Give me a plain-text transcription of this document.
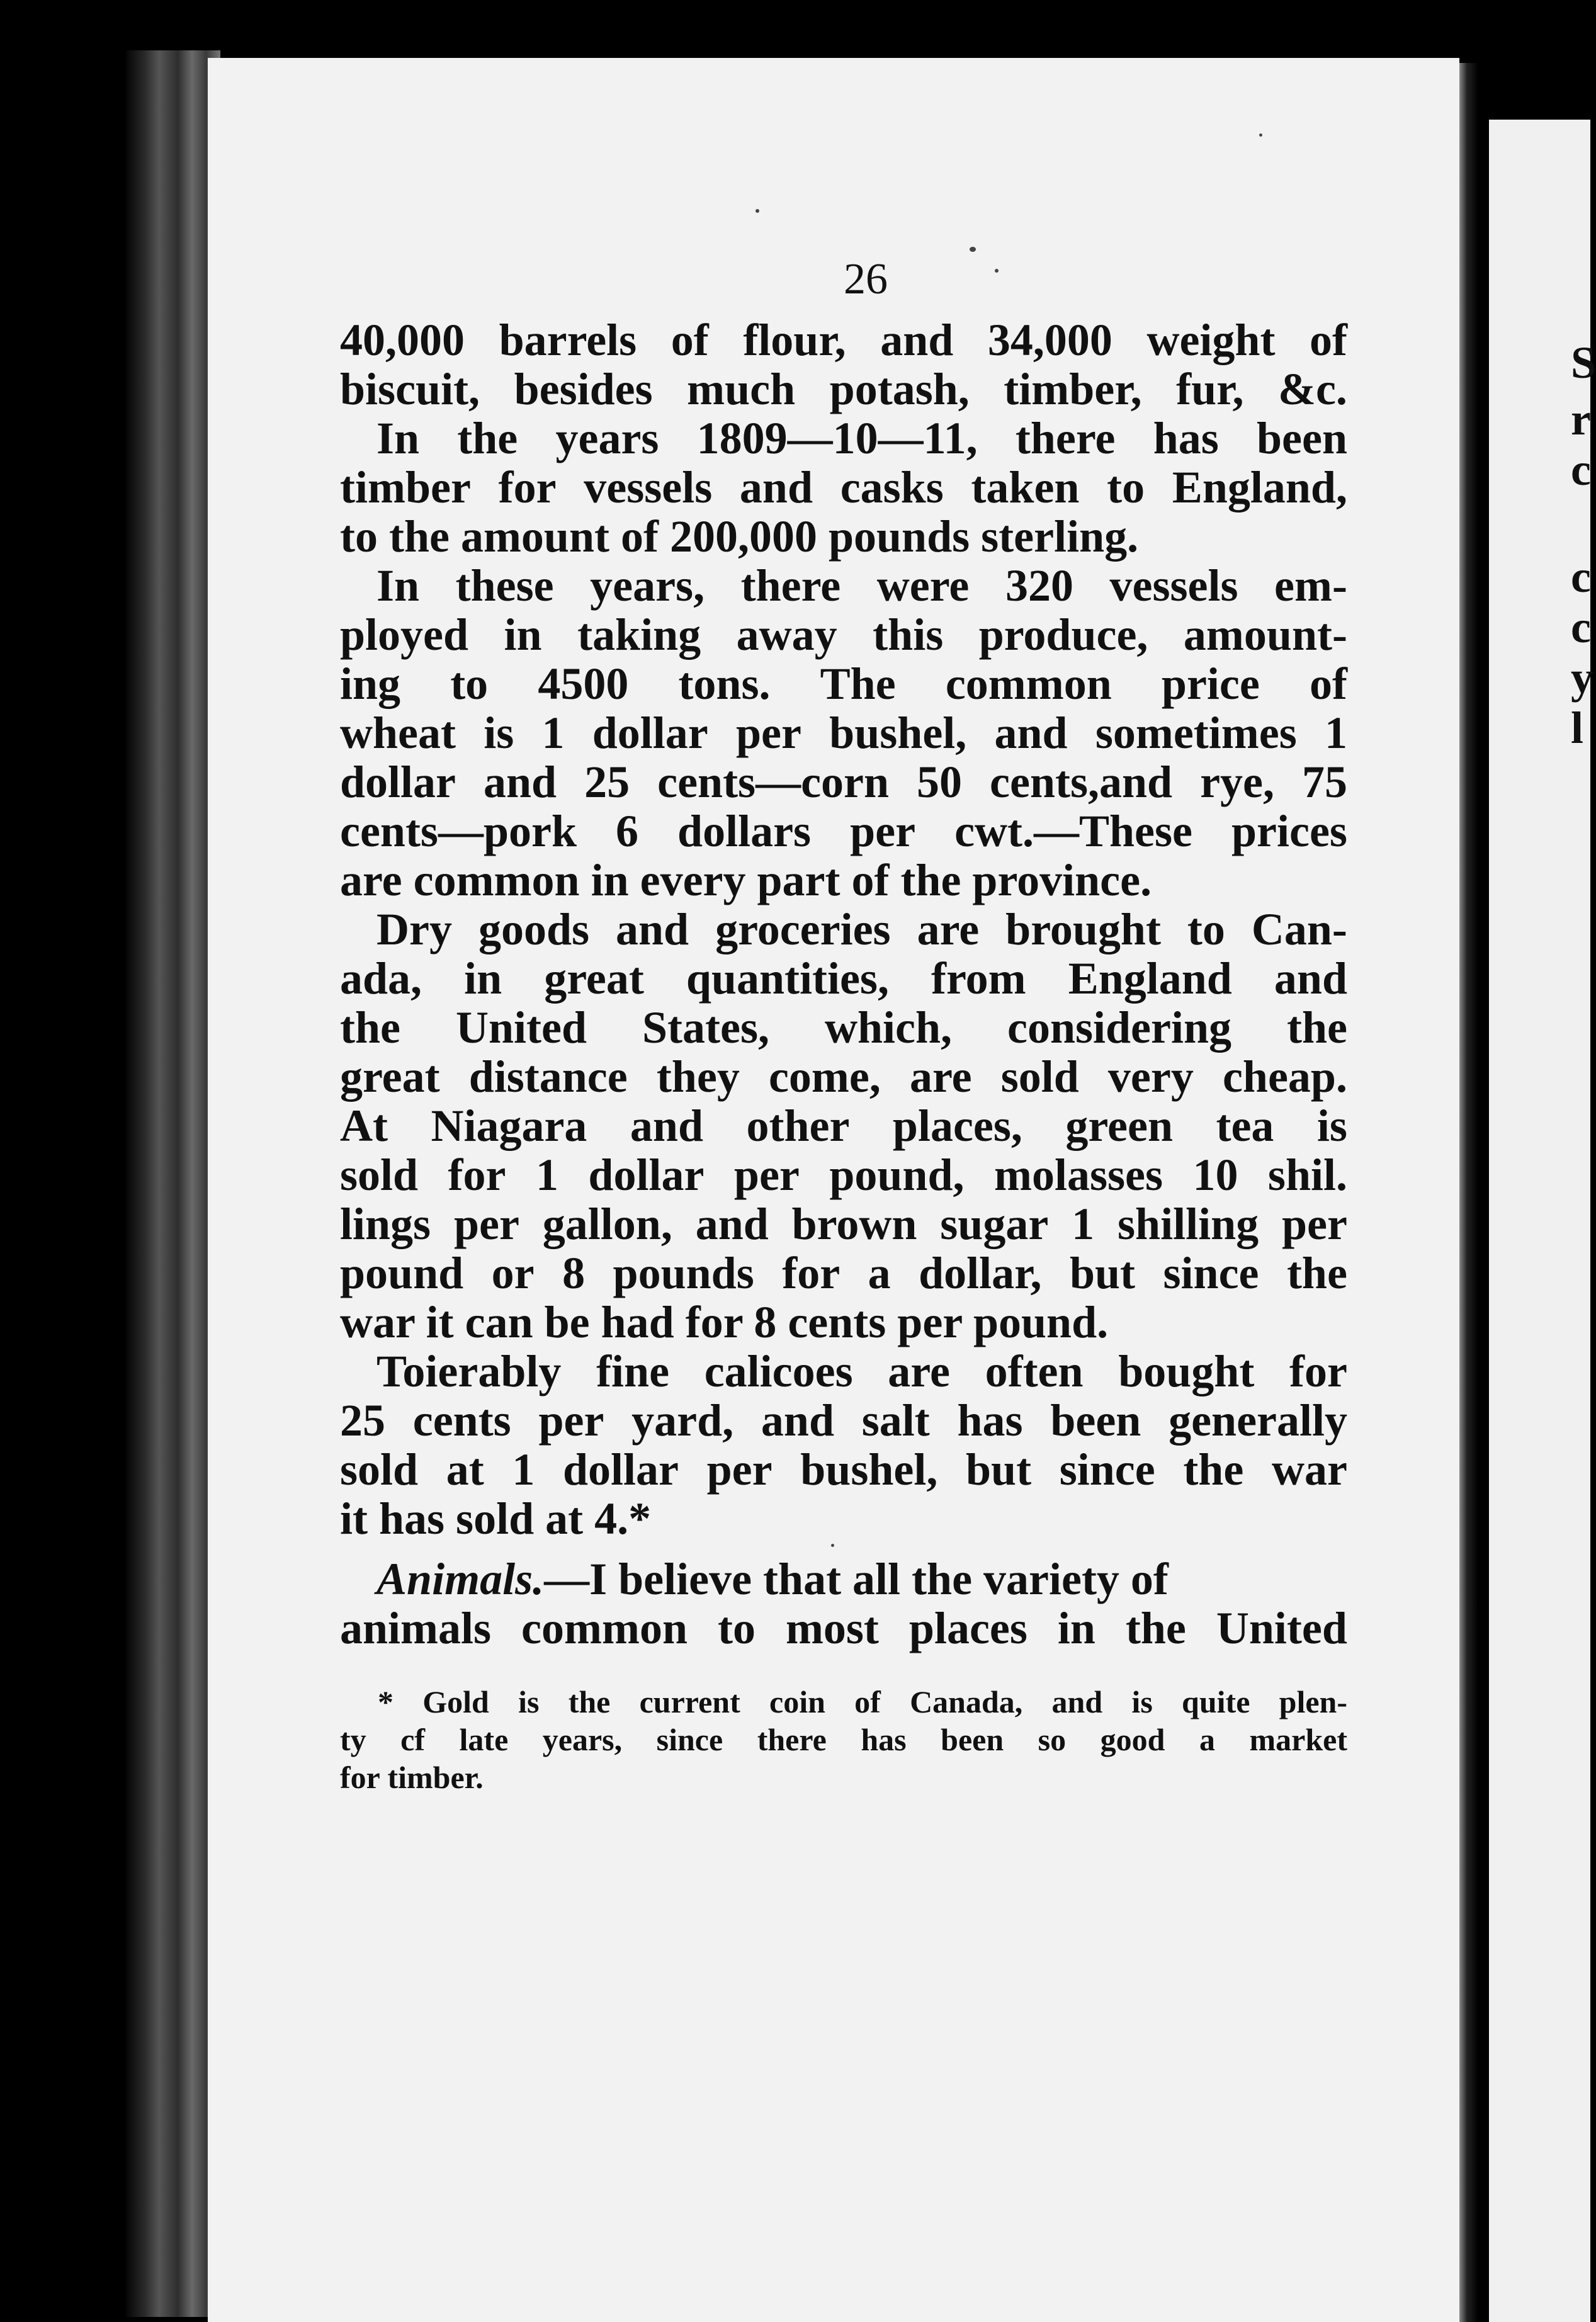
26
40,000 barrels of flour, and 34,000 weight of
biscuit, besides much potash, timber, fur, &c.
In the years 1809—10—11, there has been
timber for vessels and casks taken to England,
to the amount of 200,000 pounds sterling.
In these years, there were 320 vessels em-
ployed in taking away this produce, amount-
ing to 4500 tons. The common price of
wheat is 1 dollar per bushel, and sometimes 1
dollar and 25 cents—corn 50 cents,and rye, 75
cents—pork 6 dollars per cwt.—These prices
are common in every part of the province.
Dry goods and groceries are brought to Can-
ada, in great quantities, from England and
the United States, which, considering the
great distance they come, are sold very cheap.
At Niagara and other places, green tea is
sold for 1 dollar per pound, molasses 10 shil.
lings per gallon, and brown sugar 1 shilling per
pound or 8 pounds for a dollar, but since the
war it can be had for 8 cents per pound.
Toierably fine calicoes are often bought for
25 cents per yard, and salt has been generally
sold at 1 dollar per bushel, but since the war
it has sold at 4.*
Animals. —I believe that all the variety of
animals common to most places in the United
* Gold is the current coin of Canada, and is quite plen-
ty cf late years, since there has been so good a market
for timber.
S
r
c
c
c
y
l
